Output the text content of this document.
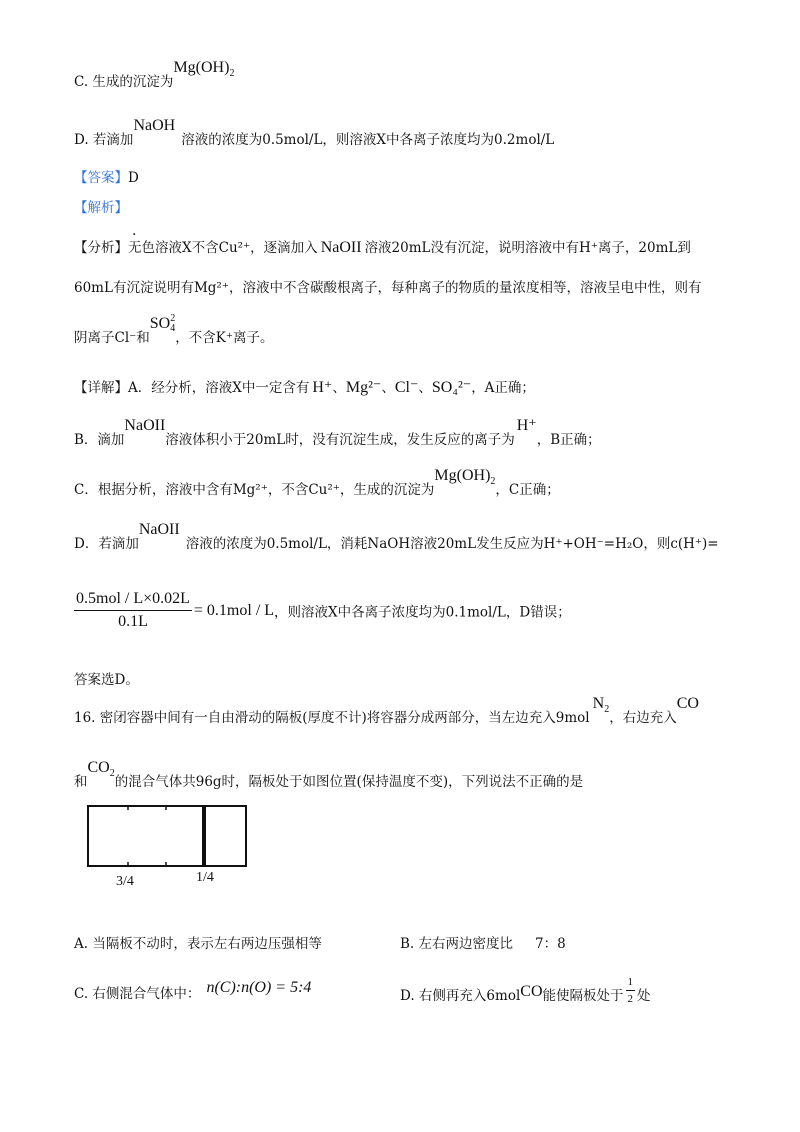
C. 生成的沉淀为$Mg(OH)_2$
D. 若滴加NaOH溶液的浓度为0.5mol/L，则溶液X中各离子浓度均为0.2mol/L
【答案】D
【解析】
【分析】无色溶液X不含Cu²⁺，逐滴加入 NaOII 溶液20mL没有沉淀，说明溶液中有H⁺离子，20mL到
60mL有沉淀说明有Mg²⁺，溶液中不含碳酸根离子，每种离子的物质的量浓度相等，溶液呈电中性，则有
阴离子Cl⁻和SO 2
4
，不含K⁺离子。
【详解】A．经分析，溶液X中一定含有 H⁺、Mg²⁻、Cl⁻、SO₄²⁻，A正确；
B．滴加NaOII溶液体积小于20mL时，没有沉淀生成，发生反应的离子为H⁺，B正确；
C．根据分析，溶液中含有Mg²⁺，不含Cu²⁺，生成的沉淀为$Mg(OH)_2$，C正确；
D．若滴加NaOII溶液的浓度为0.5mol/L，消耗NaOH溶液20mL发生反应为H⁺+OH⁻=H₂O，则c(H⁺)=
$\frac{\text{0.5mol / L×0.02L}}{0.1L} = 0.1mol / L$，则溶液X中各离子浓度均为0.1mol/L，D错误；
答案选D。
16. 密闭容器中间有一自由滑动的隔板(厚度不计)将容器分成两部分，当左边充入9molN$_2$，右边充入CO
和$CO_2$的混合气体共96g时，隔板处于如图位置(保持温度不变)，下列说法不正确的是
3/4	1/4
A. 当隔板不动时，表示左右两边压强相等	B. 左右两边密度比 7：8
C. 右侧混合气体中： n(C):n(O) = 5:4	D. 右侧再充入6molCO能使隔板处于 $\frac{1}{2}$ 处
